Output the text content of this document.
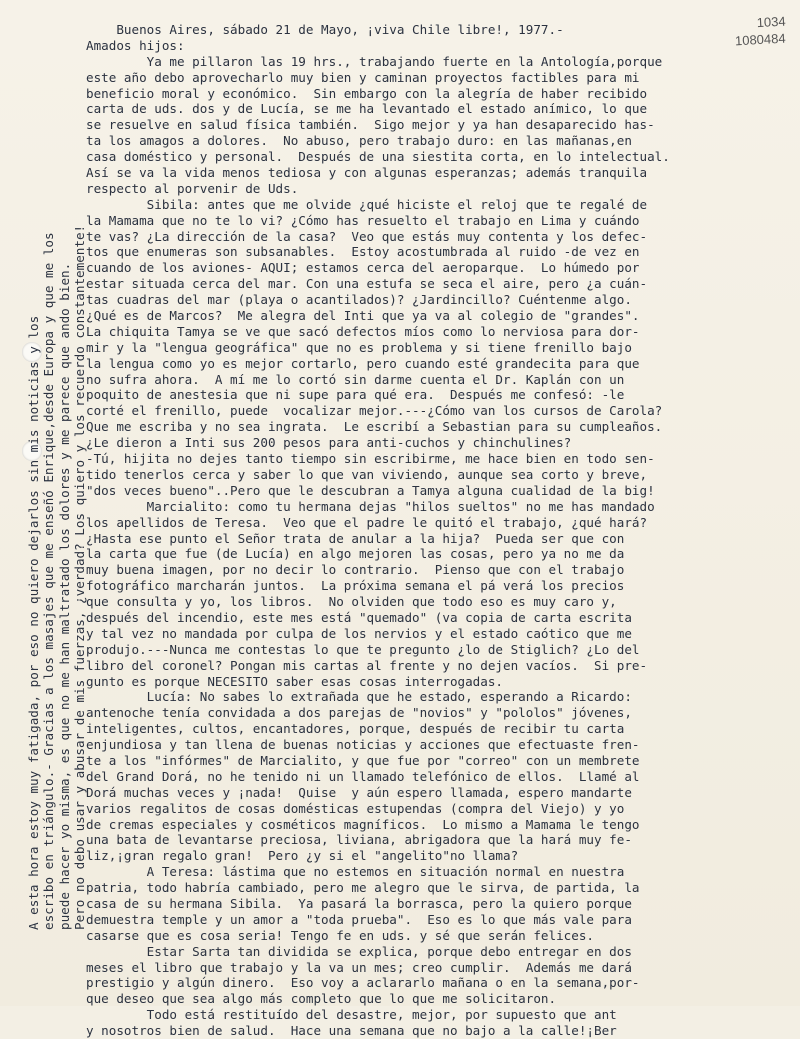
1034
1080484
Buenos Aires, sábado 21 de Mayo, ¡viva Chile libre!, 1977.-
Amados hijos:
Ya me pillaron las 19 hrs., trabajando fuerte en la Antología,porque
este año debo aprovecharlo muy bien y caminan proyectos factibles para mi
beneficio moral y económico.  Sin embargo con la alegría de haber recibido
carta de uds. dos y de Lucía, se me ha levantado el estado anímico, lo que
se resuelve en salud física también.  Sigo mejor y ya han desaparecido has-
ta los amagos a dolores.  No abuso, pero trabajo duro: en las mañanas,en
casa doméstico y personal.  Después de una siestita corta, en lo intelectual.
Así se va la vida menos tediosa y con algunas esperanzas; además tranquila
respecto al porvenir de Uds.
Sibila: antes que me olvide ¿qué hiciste el reloj que te regalé de
la Mamama que no te lo vi? ¿Cómo has resuelto el trabajo en Lima y cuándo
te vas? ¿La dirección de la casa?  Veo que estás muy contenta y los defec-
tos que enumeras son subsanables.  Estoy acostumbrada al ruido -de vez en
cuando de los aviones- AQUI; estamos cerca del aeroparque.  Lo húmedo por
estar situada cerca del mar. Con una estufa se seca el aire, pero ¿a cuán-
tas cuadras del mar (playa o acantilados)? ¿Jardincillo? Cuéntenme algo.
¿Qué es de Marcos?  Me alegra del Inti que ya va al colegio de "grandes".
La chiquita Tamya se ve que sacó defectos míos como lo nerviosa para dor-
mir y la "lengua geográfica" que no es problema y si tiene frenillo bajo
la lengua como yo es mejor cortarlo, pero cuando esté grandecita para que
no sufra ahora.  A mí me lo cortó sin darme cuenta el Dr. Kaplán con un
poquito de anestesia que ni supe para qué era.  Después me confesó: -le
corté el frenillo, puede  vocalizar mejor.---¿Cómo van los cursos de Carola?
Que me escriba y no sea ingrata.  Le escribí a Sebastian para su cumpleaños.
¿Le dieron a Inti sus 200 pesos para anti-cuchos y chinchulines?
-Tú, hijita no dejes tanto tiempo sin escribirme, me hace bien en todo sen-
tido tenerlos cerca y saber lo que van viviendo, aunque sea corto y breve,
"dos veces bueno"..Pero que le descubran a Tamya alguna cualidad de la big!
Marcialito: como tu hermana dejas "hilos sueltos" no me has mandado
los apellidos de Teresa.  Veo que el padre le quitó el trabajo, ¿qué hará?
¿Hasta ese punto el Señor trata de anular a la hija?  Pueda ser que con
la carta que fue (de Lucía) en algo mejoren las cosas, pero ya no me da
muy buena imagen, por no decir lo contrario.  Pienso que con el trabajo
fotográfico marcharán juntos.  La próxima semana el pá verá los precios
que consulta y yo, los libros.  No olviden que todo eso es muy caro y,
después del incendio, este mes está "quemado" (va copia de carta escrita
y tal vez no mandada por culpa de los nervios y el estado caótico que me
produjo.---Nunca me contestas lo que te pregunto ¿lo de Stiglich? ¿Lo del
libro del coronel? Pongan mis cartas al frente y no dejen vacíos.  Si pre-
gunto es porque NECESITO saber esas cosas interrogadas.
Lucía: No sabes lo extrañada que he estado, esperando a Ricardo:
antenoche tenía convidada a dos parejas de "novios" y "pololos" jóvenes,
inteligentes, cultos, encantadores, porque, después de recibir tu carta
enjundiosa y tan llena de buenas noticias y acciones que efectuaste fren-
te a los "infórmes" de Marcialito, y que fue por "correo" con un membrete
del Grand Dorá, no he tenido ni un llamado telefónico de ellos.  Llamé al
Dorá muchas veces y ¡nada!  Quise  y aún espero llamada, espero mandarte
varios regalitos de cosas domésticas estupendas (compra del Viejo) y yo
de cremas especiales y cosméticos magníficos.  Lo mismo a Mamama le tengo
una bata de levantarse preciosa, liviana, abrigadora que la hará muy fe-
liz,¡gran regalo gran!  Pero ¿y si el "angelito"no llama?
A Teresa: lástima que no estemos en situación normal en nuestra
patria, todo habría cambiado, pero me alegro que le sirva, de partida, la
casa de su hermana Sibila.  Ya pasará la borrasca, pero la quiero porque
demuestra temple y un amor a "toda prueba".  Eso es lo que más vale para
casarse que es cosa seria! Tengo fe en uds. y sé que serán felices.
Estar Sarta tan dividida se explica, porque debo entregar en dos
meses el libro que trabajo y la va un mes; creo cumplir.  Además me dará
prestigio y algún dinero.  Eso voy a aclararlo mañana o en la semana,por-
que deseo que sea algo más completo que lo que me solicitaron.
Todo está restituído del desastre, mejor, por supuesto que ant
y nosotros bien de salud.  Hace una semana que no bajo a la calle!¡Ber
A esta hora estoy muy fatigada, por eso no quiero dejarlos sin mis noticias y los escribo en triángulo.- Gracias a los masajes que me enseñó Enrique,desde Europa y que me los puede hacer yo misma, es que no me han maltratado los dolores y me parece que ando bien. Pero no debo usar y abusar de mis fuerzas, ¿verdad? Los quiero y los recuerdo constantemente!
